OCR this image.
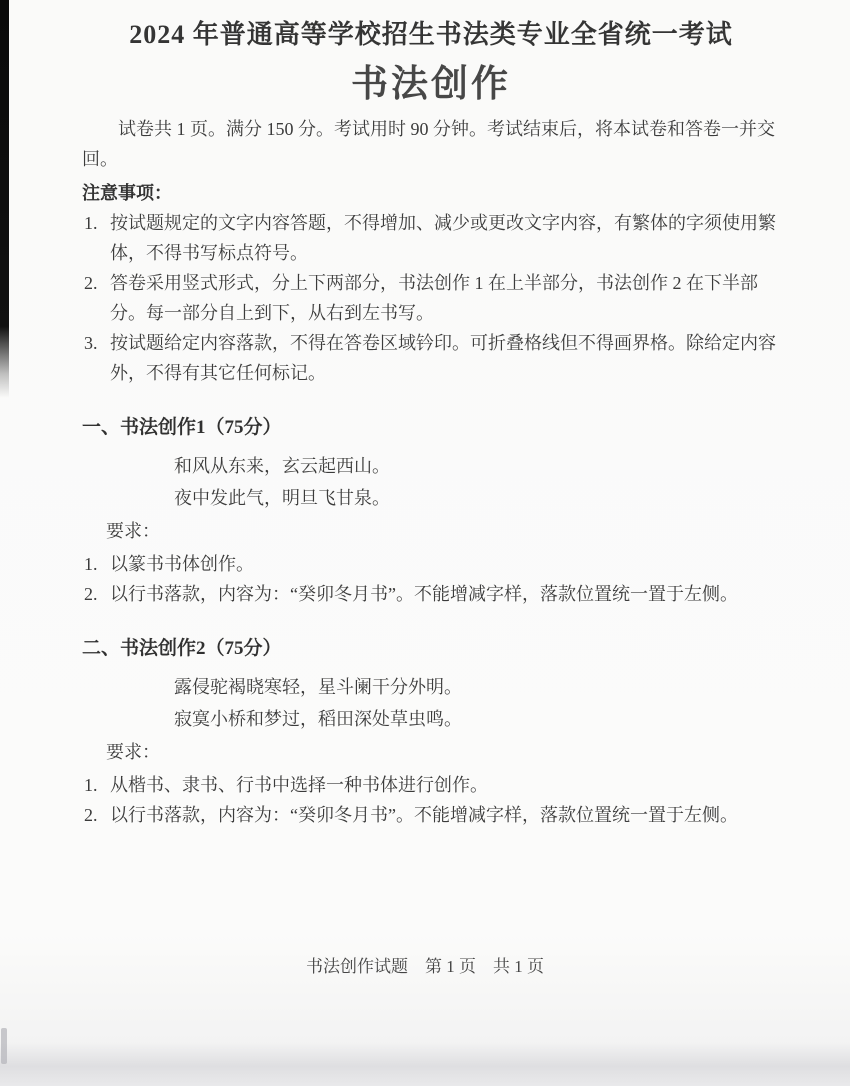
2024 年普通高等学校招生书法类专业全省统一考试
书法创作

试卷共 1 页。满分 150 分。考试用时 90 分钟。考试结束后，将本试卷和答卷一并交回。

注意事项：

按试题规定的文字内容答题，不得增加、减少或更改文字内容，有繁体的字须使用繁体，不得书写标点符号。
答卷采用竖式形式，分上下两部分，书法创作 1 在上半部分，书法创作 2 在下半部分。每一部分自上到下，从右到左书写。
按试题给定内容落款，不得在答卷区域钤印。可折叠格线但不得画界格。除给定内容外，不得有其它任何标记。

一、书法创作1（75分）

和风从东来，玄云起西山。
夜中发此气，明旦飞甘泉。

要求：

以篆书书体创作。
以行书落款，内容为：“癸卯冬月书”。不能增减字样，落款位置统一置于左侧。

二、书法创作2（75分）

露侵驼褐晓寒轻，星斗阑干分外明。
寂寞小桥和梦过，稻田深处草虫鸣。

要求：

从楷书、隶书、行书中选择一种书体进行创作。
以行书落款，内容为：“癸卯冬月书”。不能增减字样，落款位置统一置于左侧。
书法创作试题　第 1 页　共 1 页
